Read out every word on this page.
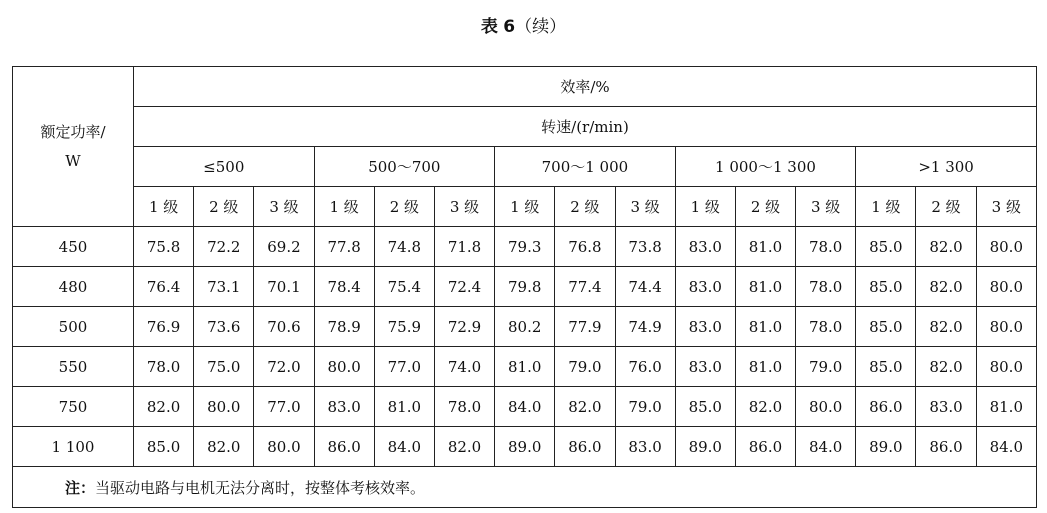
表 6（续）
额定功率/
W	效率/%														
	转速/(r/min)														
	≤500			500～700			700～1 000			1 000～1 300			>1 300		
	1 级	2 级	3 级	1 级	2 级	3 级	1 级	2 级	3 级	1 级	2 级	3 级	1 级	2 级	3 级
450	75.8	72.2	69.2	77.8	74.8	71.8	79.3	76.8	73.8	83.0	81.0	78.0	85.0	82.0	80.0
480	76.4	73.1	70.1	78.4	75.4	72.4	79.8	77.4	74.4	83.0	81.0	78.0	85.0	82.0	80.0
500	76.9	73.6	70.6	78.9	75.9	72.9	80.2	77.9	74.9	83.0	81.0	78.0	85.0	82.0	80.0
550	78.0	75.0	72.0	80.0	77.0	74.0	81.0	79.0	76.0	83.0	81.0	79.0	85.0	82.0	80.0
750	82.0	80.0	77.0	83.0	81.0	78.0	84.0	82.0	79.0	85.0	82.0	80.0	86.0	83.0	81.0
1 100	85.0	82.0	80.0	86.0	84.0	82.0	89.0	86.0	83.0	89.0	86.0	84.0	89.0	86.0	84.0
注：当驱动电路与电机无法分离时，按整体考核效率。															
